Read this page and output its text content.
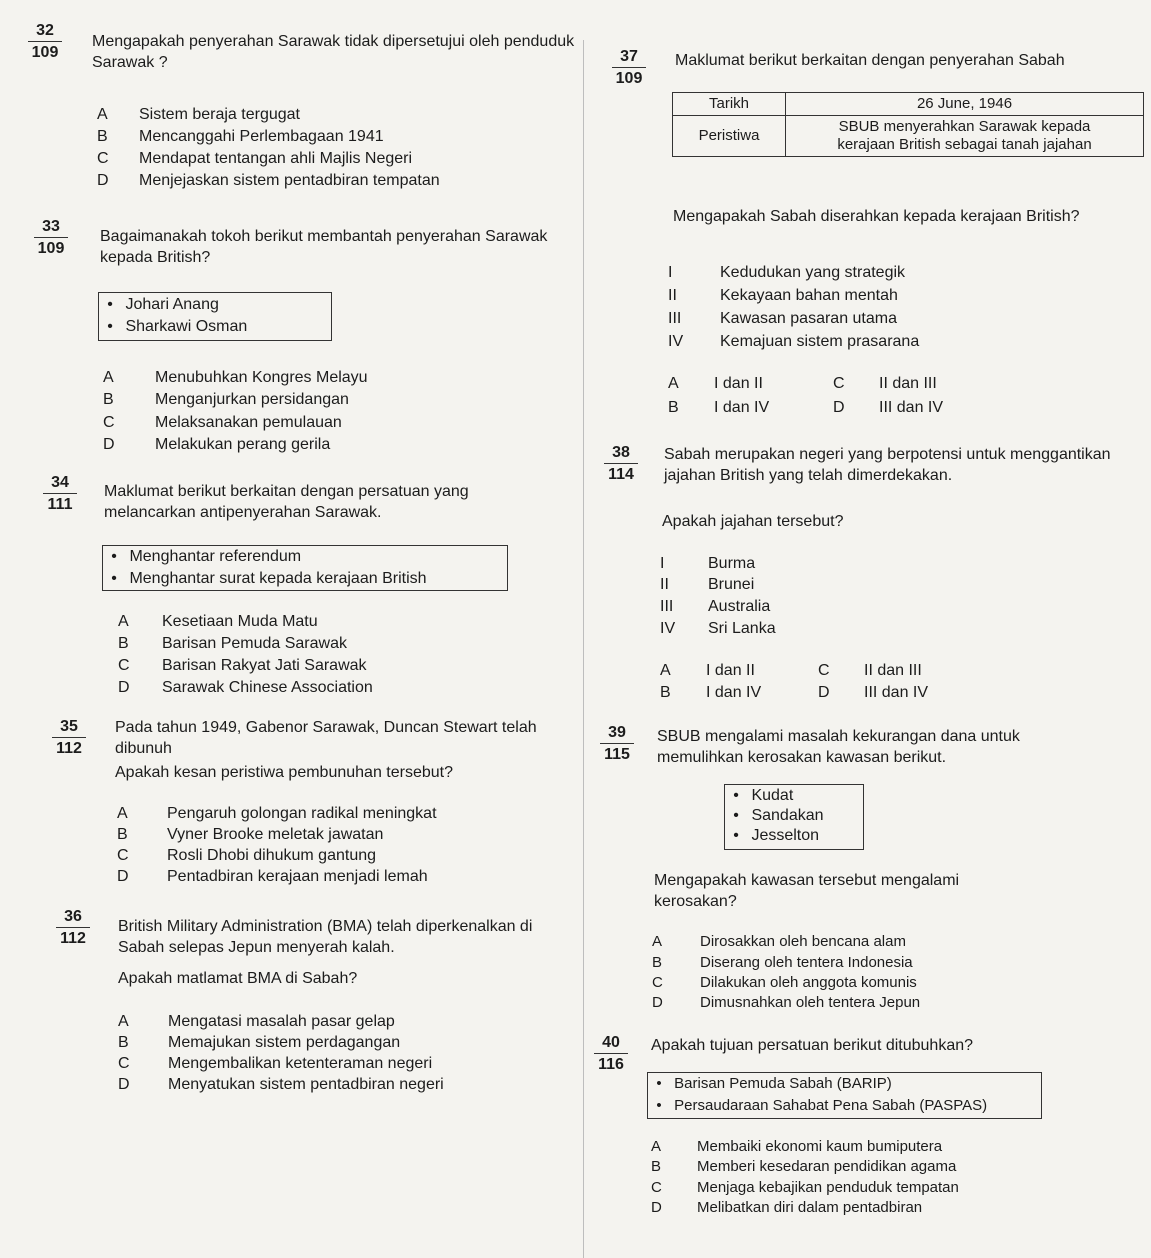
32
109
Mengapakah penyerahan Sarawak tidak dipersetujui oleh penduduk Sarawak ?
A Sistem beraja tergugat
B Mencanggahi Perlembagaan 1941
C Mendapat tentangan ahli Majlis Negeri
D Menjejaskan sistem pentadbiran tempatan
33
109
Bagaimanakah tokoh berikut membantah penyerahan Sarawak kepada British?
• Johari Anang
• Sharkawi Osman
A	Menubuhkan Kongres Melayu
B	Menganjurkan persidangan
C	Melaksanakan pemulauan
D	Melakukan perang gerila
34
111
Maklumat berikut berkaitan dengan persatuan yang melancarkan antipenyerahan Sarawak.
• Menghantar referendum
• Menghantar surat kepada kerajaan British
A Kesetiaan Muda Matu
B Barisan Pemuda Sarawak
C Barisan Rakyat Jati Sarawak
D Sarawak Chinese Association
35
112
Pada tahun 1949, Gabenor Sarawak, Duncan Stewart telah dibunuh
Apakah kesan peristiwa pembunuhan tersebut?
A Pengaruh golongan radikal meningkat
B Vyner Brooke meletak jawatan
C Rosli Dhobi dihukum gantung
D Pentadbiran kerajaan menjadi lemah
36
112
British Military Administration (BMA) telah diperkenalkan di Sabah selepas Jepun menyerah kalah.
Apakah matlamat BMA di Sabah?
A Mengatasi masalah pasar gelap
B Memajukan sistem perdagangan
C Mengembalikan ketenteraman negeri
D Menyatukan sistem pentadbiran negeri
37
109
Maklumat berikut berkaitan dengan penyerahan Sabah
Tarikh	26 June, 1946
Peristiwa	SBUB menyerahkan Sarawak kepada
kerajaan British sebagai tanah jajahan
Mengapakah Sabah diserahkan kepada kerajaan British?
I	Kedudukan yang strategik
II	Kekayaan bahan mentah
III Kawasan pasaran utama
IV Kemajuan sistem prasarana
A I dan II	C II dan III
B I dan IV	D III dan IV
38
114
Sabah merupakan negeri yang berpotensi untuk menggantikan jajahan British yang telah dimerdekakan.
Apakah jajahan tersebut?
I	Burma
II Brunei
III Australia
IV Sri Lanka
A I dan II	C II dan III
B I dan IV	D III dan IV
39
115
SBUB mengalami masalah kekurangan dana untuk memulihkan kerosakan kawasan berikut.
• Kudat
• Sandakan
• Jesselton
Mengapakah kawasan tersebut mengalami kerosakan?
A	Dirosakkan oleh bencana alam
B	Diserang oleh tentera Indonesia
C Dilakukan oleh anggota komunis
D Dimusnahkan oleh tentera Jepun
40
116
Apakah tujuan persatuan berikut ditubuhkan?
• Barisan Pemuda Sabah (BARIP)
• Persaudaraan Sahabat Pena Sabah (PASPAS)
A Membaiki ekonomi kaum bumiputera
B Memberi kesedaran pendidikan agama
C Menjaga kebajikan penduduk tempatan
D Melibatkan diri dalam pentadbiran
